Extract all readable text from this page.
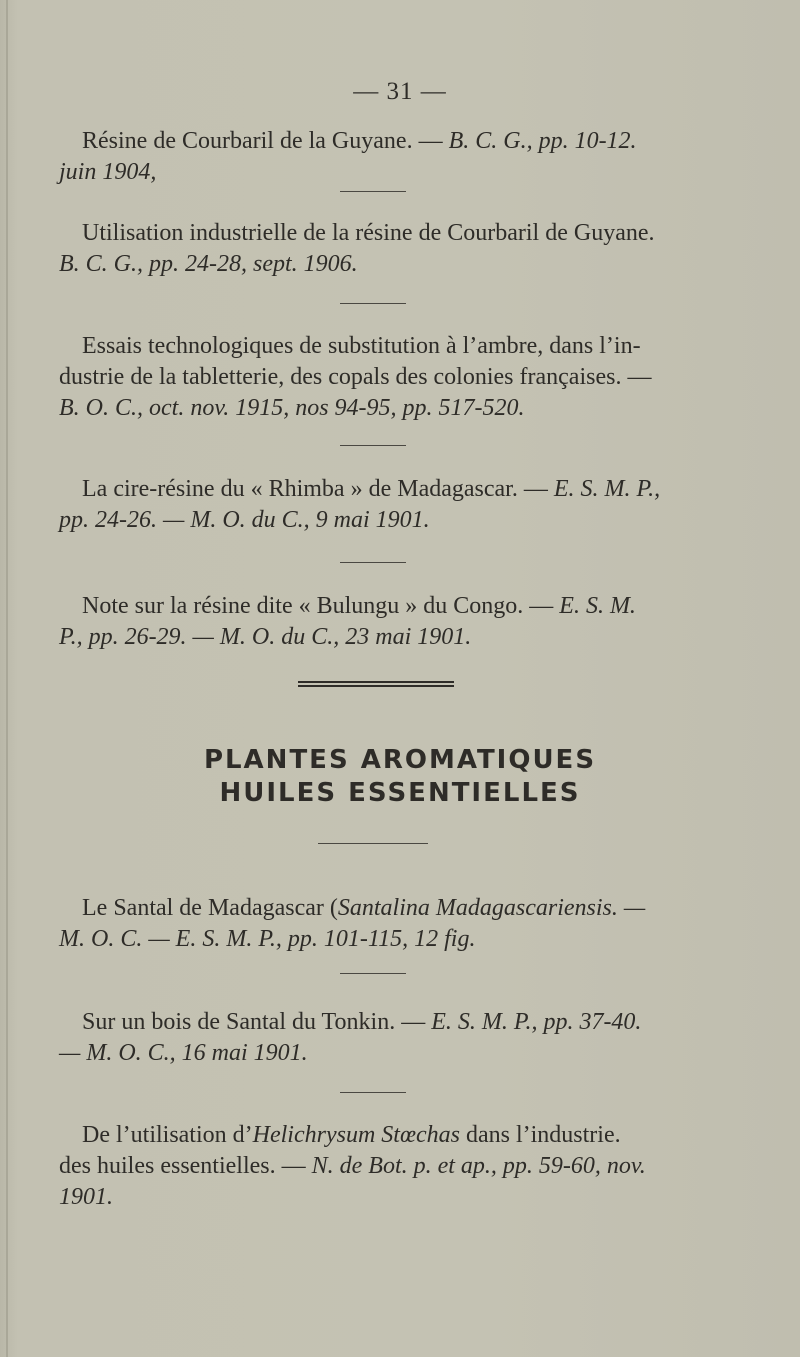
— 31 —

Résine de Courbaril de la Guyane. — B. C. G., pp. 10-12.

juin 1904,

Utilisation industrielle de la résine de Courbaril de Guyane.

B. C. G., pp. 24-28, sept. 1906.

Essais technologiques de substitution à l’ambre, dans l’in-

dustrie de la tabletterie, des copals des colonies françaises. —

B. O. C., oct. nov. 1915, nos 94-95, pp. 517-520.

La cire-résine du « Rhimba » de Madagascar. — E. S. M. P.,

pp. 24-26. — M. O. du C., 9 mai 1901.

Note sur la résine dite « Bulungu » du Congo. — E. S. M.

P., pp. 26-29. — M. O. du C., 23 mai 1901.

PLANTES AROMATIQUES
HUILES ESSENTIELLES

Le Santal de Madagascar (Santalina Madagascariensis. —

M. O. C. — E. S. M. P., pp. 101-115, 12 fig.

Sur un bois de Santal du Tonkin. — E. S. M. P., pp. 37-40.

— M. O. C., 16 mai 1901.

De l’utilisation d’Helichrysum Stœchas dans l’industrie.

des huiles essentielles. — N. de Bot. p. et ap., pp. 59-60, nov.

1901.
